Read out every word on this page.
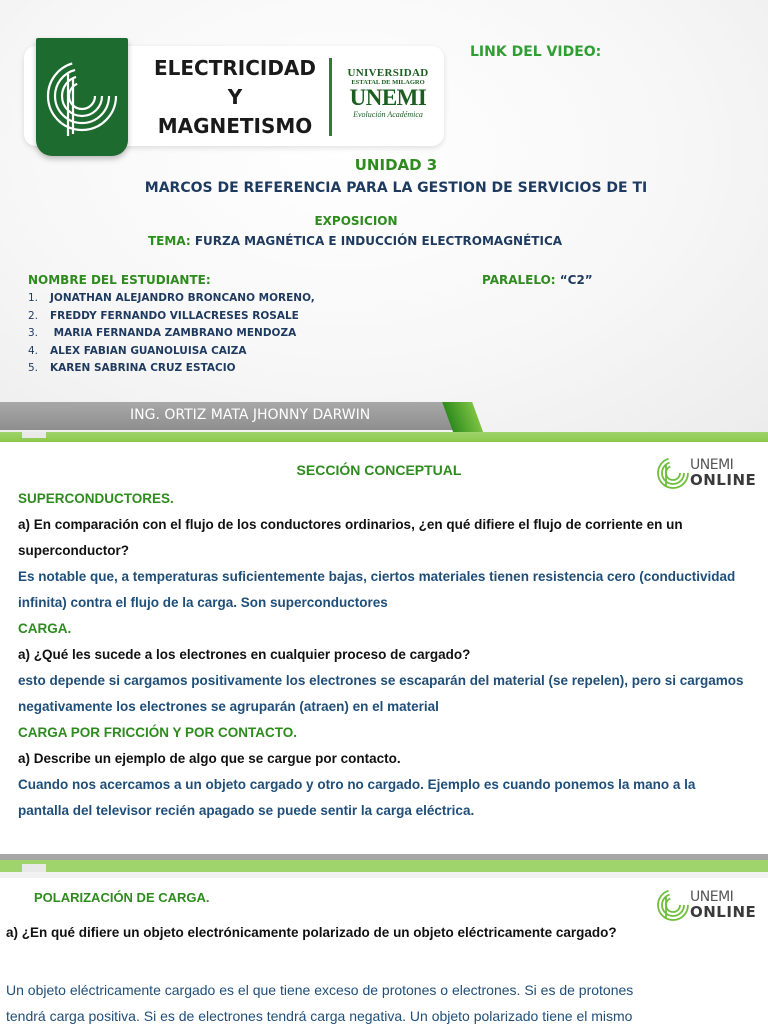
ELECTRICIDAD
Y
MAGNETISMO
UNIVERSIDAD
ESTATAL DE MILAGRO
UNEMI
Evolución Académica
LINK DEL VIDEO:
UNIDAD 3
MARCOS DE REFERENCIA PARA LA GESTION DE SERVICIOS DE TI
EXPOSICION
TEMA: FURZA MAGNÉTICA E INDUCCIÓN ELECTROMAGNÉTICA
NOMBRE DEL ESTUDIANTE:	PARALELO: “C2”
1. JONATHAN ALEJANDRO BRONCANO MORENO,
2. FREDDY FERNANDO VILLACRESES ROSALE
3. MARIA FERNANDA ZAMBRANO MENDOZA
4. ALEX FABIAN GUANOLUISA CAIZA
5. KAREN SABRINA CRUZ ESTACIO
ING. ORTIZ MATA JHONNY DARWIN
SECCIÓN CONCEPTUAL	UNEMI
ONLINE
SUPERCONDUCTORES.
a) En comparación con el flujo de los conductores ordinarios, ¿en qué difiere el flujo de corriente en un superconductor?
Es notable que, a temperaturas suficientemente bajas, ciertos materiales tienen resistencia cero (conductividad infinita) contra el flujo de la carga. Son superconductores
CARGA.
a) ¿Qué les sucede a los electrones en cualquier proceso de cargado?
esto depende si cargamos positivamente los electrones se escaparán del material (se repelen), pero si cargamos negativamente los electrones se agruparán (atraen) en el material
CARGA POR FRICCIÓN Y POR CONTACTO.
a) Describe un ejemplo de algo que se cargue por contacto.
Cuando nos acercamos a un objeto cargado y otro no cargado. Ejemplo es cuando ponemos la mano a la pantalla del televisor recién apagado se puede sentir la carga eléctrica.
POLARIZACIÓN DE CARGA.	UNEMI
ONLINE
a) ¿En qué difiere un objeto electrónicamente polarizado de un objeto eléctricamente cargado?
Un objeto eléctricamente cargado es el que tiene exceso de protones o electrones. Si es de protones tendrá carga positiva. Si es de electrones tendrá carga negativa. Un objeto polarizado tiene el mismo
